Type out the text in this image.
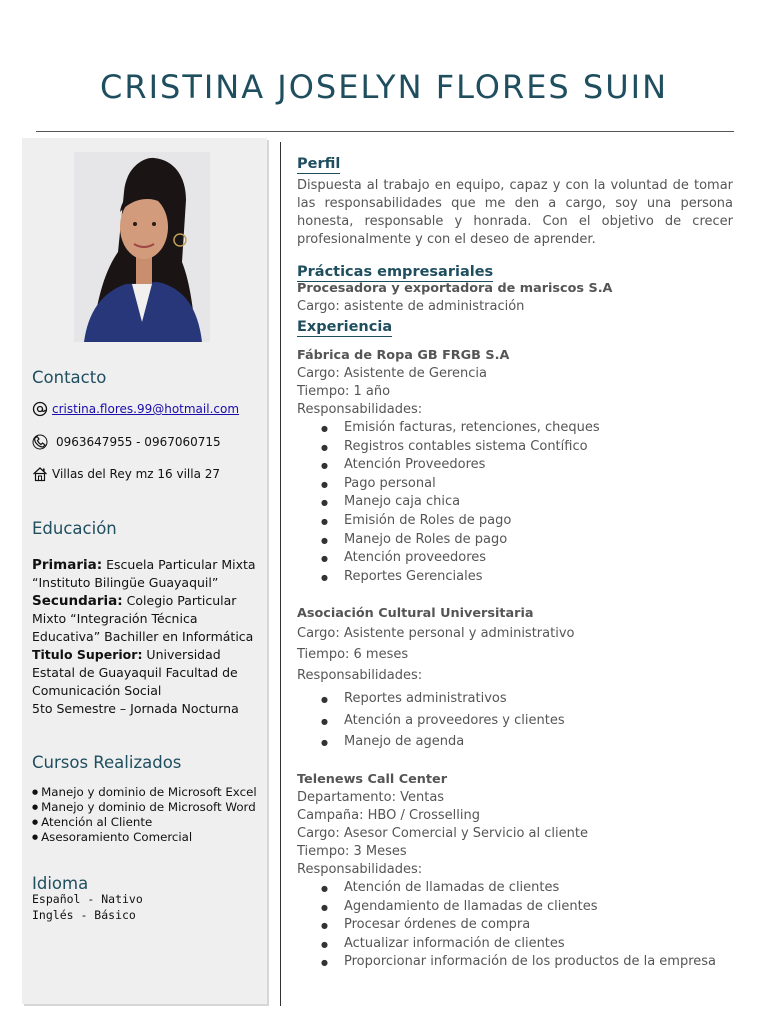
CRISTINA JOSELYN FLORES SUIN
Contacto
cristina.flores.99@hotmail.com
0963647955 - 0967060715
Villas del Rey mz 16 villa 27
Educación
Primaria: Escuela Particular Mixta “Instituto Bilingüe Guayaquil”
Secundaria: Colegio Particular Mixto “Integración Técnica Educativa” Bachiller en Informática
Titulo Superior: Universidad Estatal de Guayaquil Facultad de Comunicación Social
5to Semestre – Jornada Nocturna
Cursos Realizados
● Manejo y dominio de Microsoft Excel
● Manejo y dominio de Microsoft Word
● Atención al Cliente
● Asesoramiento Comercial
Idioma
Español - Nativo
Inglés - Básico
Perfil
Dispuesta al trabajo en equipo, capaz y con la voluntad de tomar las responsabilidades que me den a cargo, soy una persona honesta, responsable y honrada. Con el objetivo de crecer profesionalmente y con el deseo de aprender.
Prácticas empresariales
Procesadora y exportadora de mariscos S.A
Cargo: asistente de administración
Experiencia
Fábrica de Ropa GB FRGB S.A
Cargo: Asistente de Gerencia
Tiempo: 1 año
Responsabilidades:
● Emisión facturas, retenciones, cheques
● Registros contables sistema Contífico
● Atención Proveedores
● Pago personal
● Manejo caja chica
● Emisión de Roles de pago
● Manejo de Roles de pago
● Atención proveedores
● Reportes Gerenciales
Asociación Cultural Universitaria
Cargo: Asistente personal y administrativo
Tiempo: 6 meses
Responsabilidades:
● Reportes administrativos
● Atención a proveedores y clientes
● Manejo de agenda
Telenews Call Center
Departamento: Ventas
Campaña: HBO / Crosselling
Cargo: Asesor Comercial y Servicio al cliente
Tiempo: 3 Meses
Responsabilidades:
● Atención de llamadas de clientes
● Agendamiento de llamadas de clientes
● Procesar órdenes de compra
● Actualizar información de clientes
● Proporcionar información de los productos de la empresa
